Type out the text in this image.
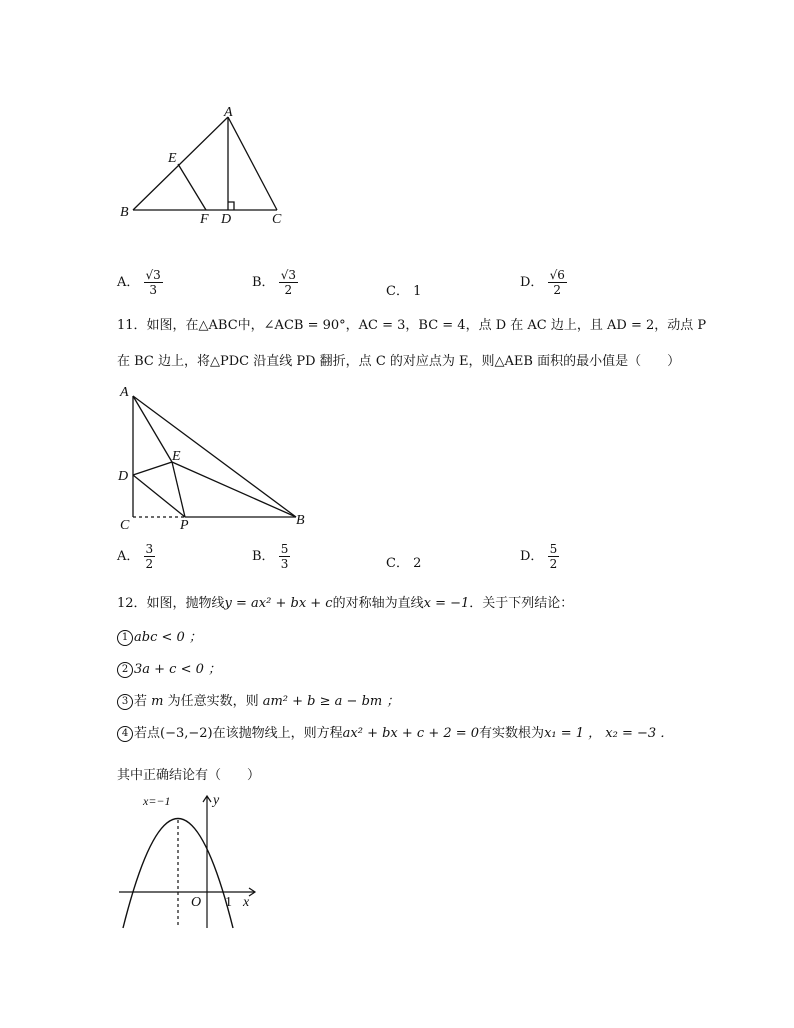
A
B	C
D
E
F
A． $\frac{√3}{3}$	B． $\frac{√3}{2}$	C． 1
D． $\frac{√6}{2}$
11．如图，在△ABC中，∠ACB = 90°，AC = 3，BC = 4，点 D 在 AC 边上，且 AD = 2，动点 P
在 BC 边上，将△PDC 沿直线 PD 翻折，点 C 的对应点为 E，则△AEB 面积的最小值是（　　）
A
B
C
D
E
P
A． $\frac{3}{2}$	B． $\frac{5}{3}$	C． 2	D． $\frac{5}{2}$
12．如图，抛物线y = ax² + bx + c的对称轴为直线x = −1．关于下列结论：
1 abc < 0 ；
2 3a + c < 0 ；
3 若 m 为任意实数，则 am² + b ≥ a − bm ；
4 若点(−3,−2)在该抛物线上，则方程ax² + bx + c + 2 = 0有实数根为x₁ = 1 ， x₂ = −3 ．
其中正确结论有（　　）
x=−1	y
x
O 1
